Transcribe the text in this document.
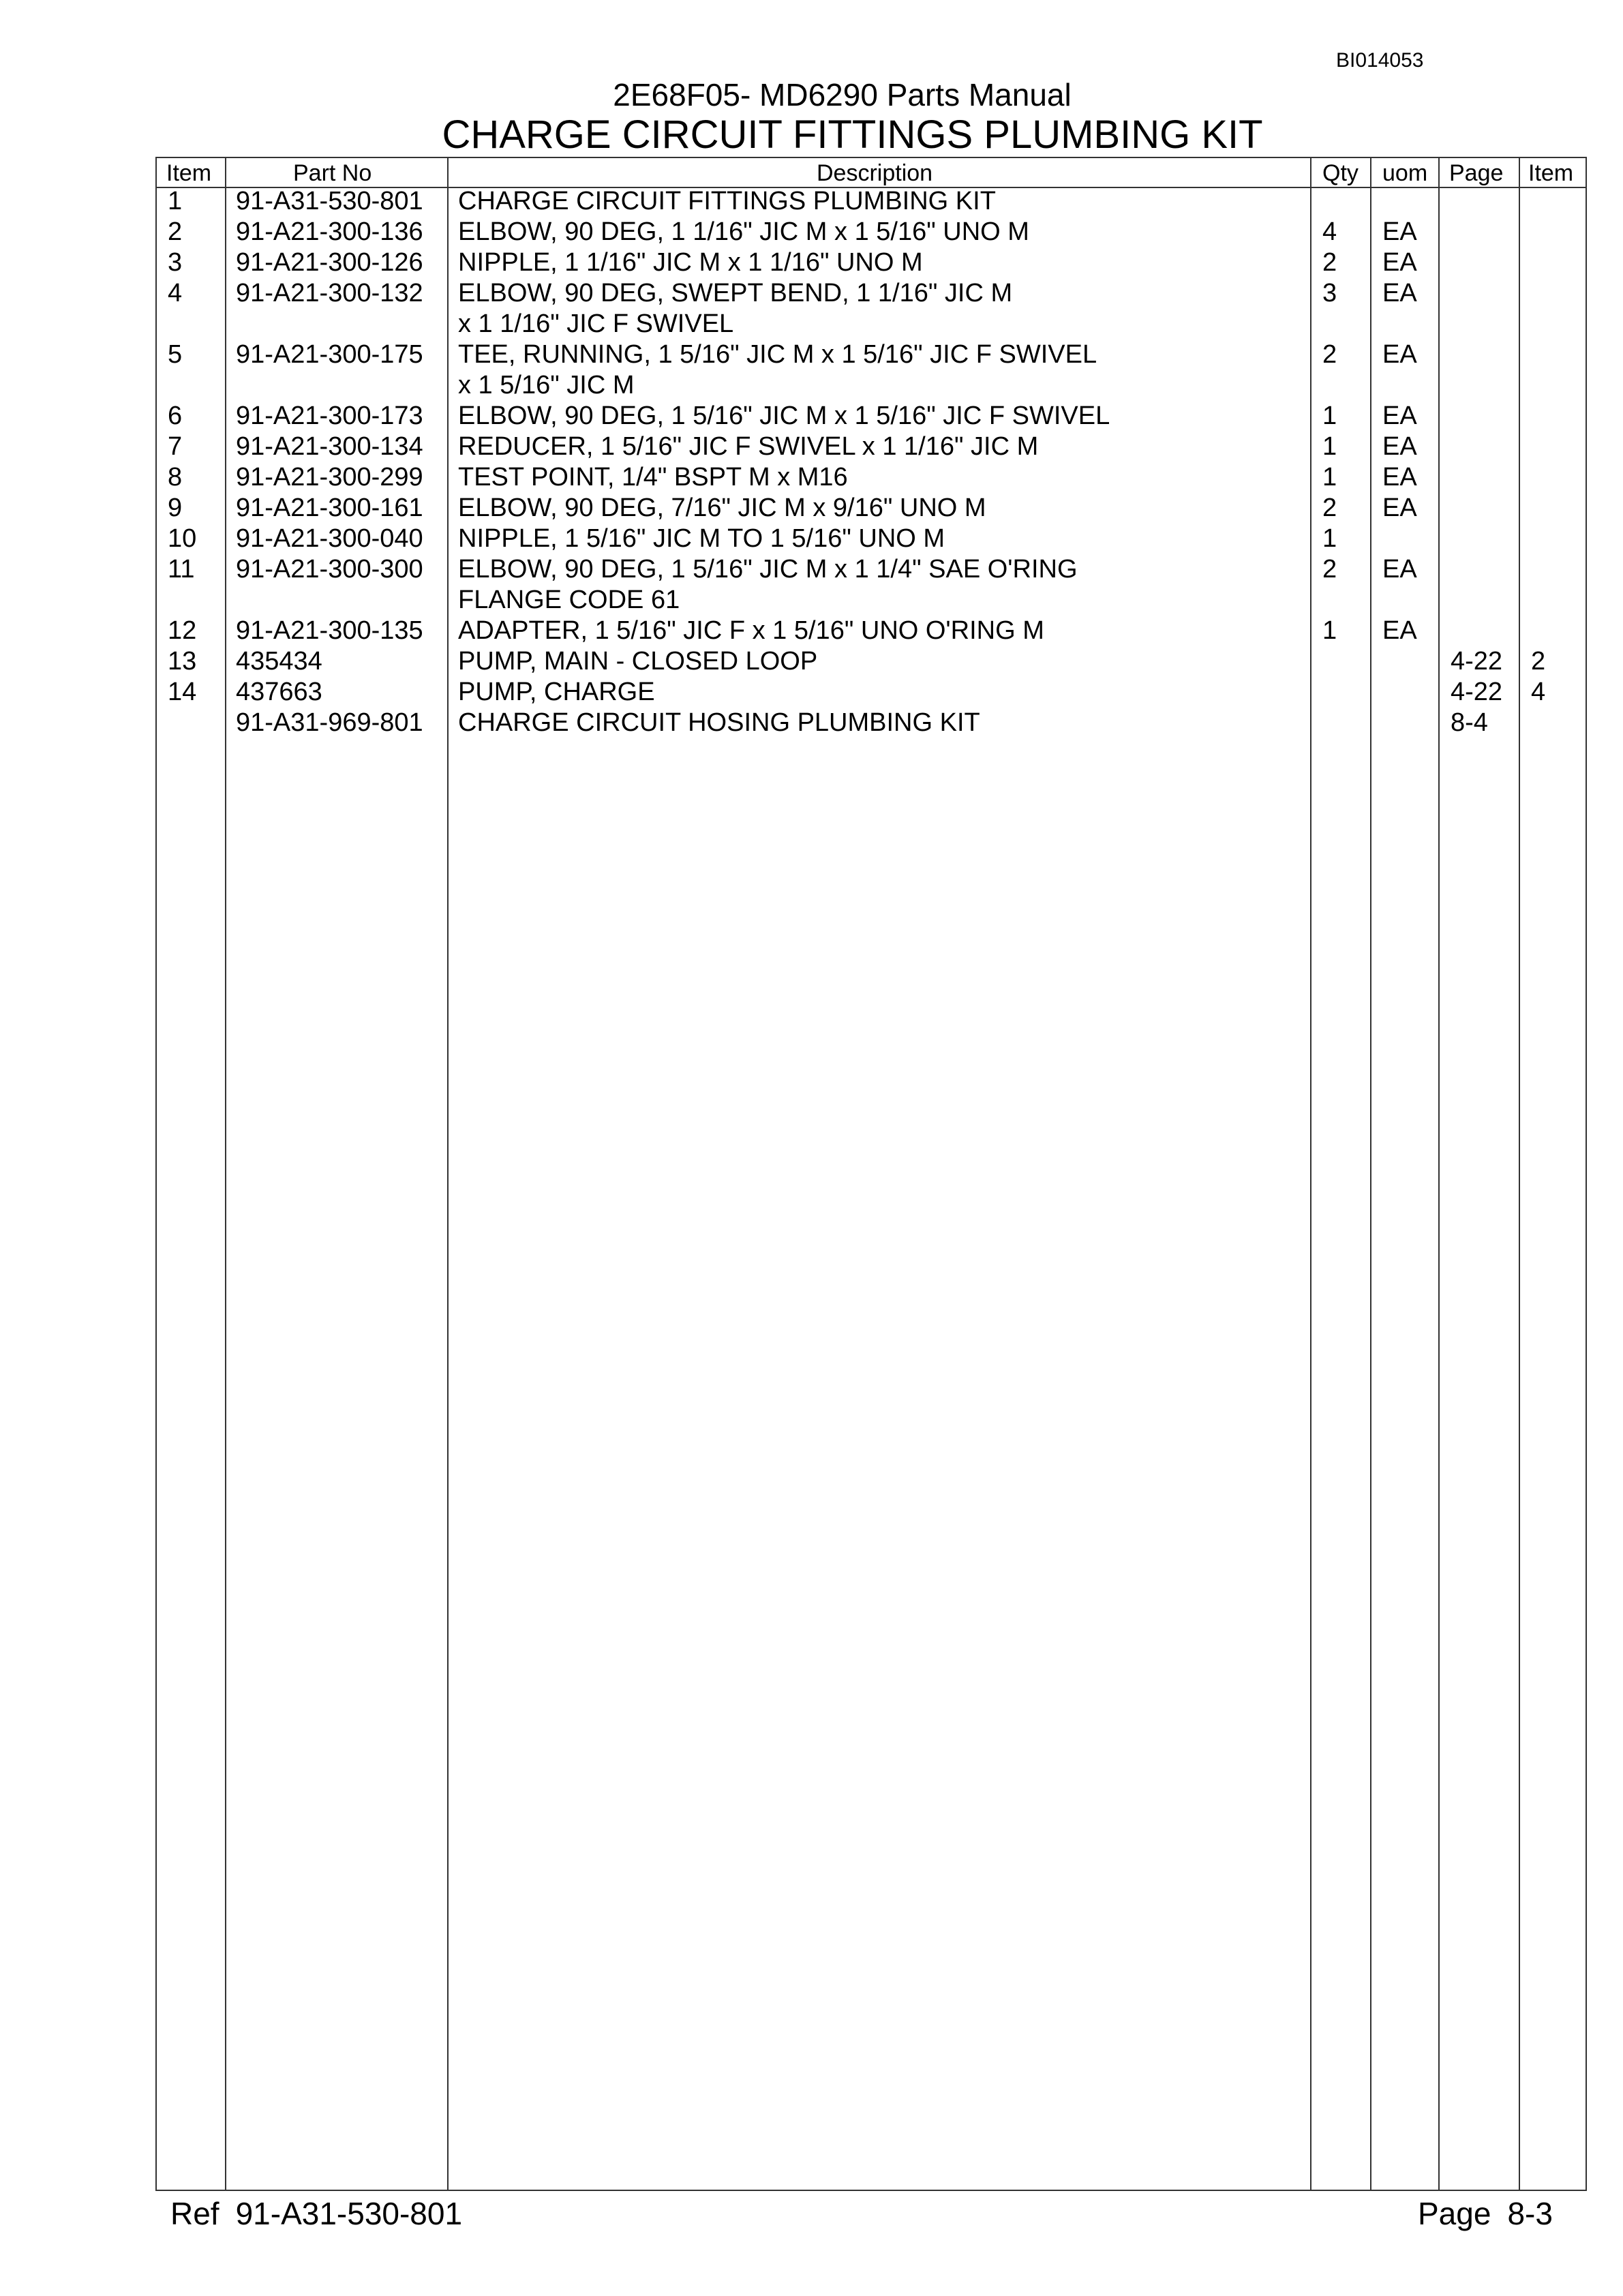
BI014053
2E68F05- MD6290 Parts Manual
CHARGE CIRCUIT FITTINGS PLUMBING KIT
Item	Part No	Description	Qty uom Page Item
1 91-A31-530-801 CHARGE CIRCUIT FITTINGS PLUMBING KIT
2 91-A21-300-136 ELBOW, 90 DEG, 1 1/16" JIC M x 1 5/16" UNO M	4 EA
3 91-A21-300-126 NIPPLE, 1 1/16" JIC M x 1 1/16" UNO M	2 EA
4 91-A21-300-132 ELBOW, 90 DEG, SWEPT BEND, 1 1/16" JIC M	3 EA
x 1 1/16" JIC F SWIVEL
5 91-A21-300-175 TEE, RUNNING, 1 5/16" JIC M x 1 5/16" JIC F SWIVEL	2 EA
x 1 5/16" JIC M
6 91-A21-300-173 ELBOW, 90 DEG, 1 5/16" JIC M x 1 5/16" JIC F SWIVEL	1 EA
7 91-A21-300-134 REDUCER, 1 5/16" JIC F SWIVEL x 1 1/16" JIC M	1 EA
8 91-A21-300-299 TEST POINT, 1/4" BSPT M x M16	1 EA
9 91-A21-300-161 ELBOW, 90 DEG, 7/16" JIC M x 9/16" UNO M	2 EA
10 91-A21-300-040 NIPPLE, 1 5/16" JIC M TO 1 5/16" UNO M	1
11 91-A21-300-300 ELBOW, 90 DEG, 1 5/16" JIC M x 1 1/4" SAE O'RING	2 EA
FLANGE CODE 61
12 91-A21-300-135 ADAPTER, 1 5/16" JIC F x 1 5/16" UNO O'RING M	1 EA
13 435434	PUMP, MAIN - CLOSED LOOP	4-22 2
14 437663	PUMP, CHARGE	4-22 4
91-A31-969-801 CHARGE CIRCUIT HOSING PLUMBING KIT	8-4
Ref 91-A31-530-801	Page 8-3
